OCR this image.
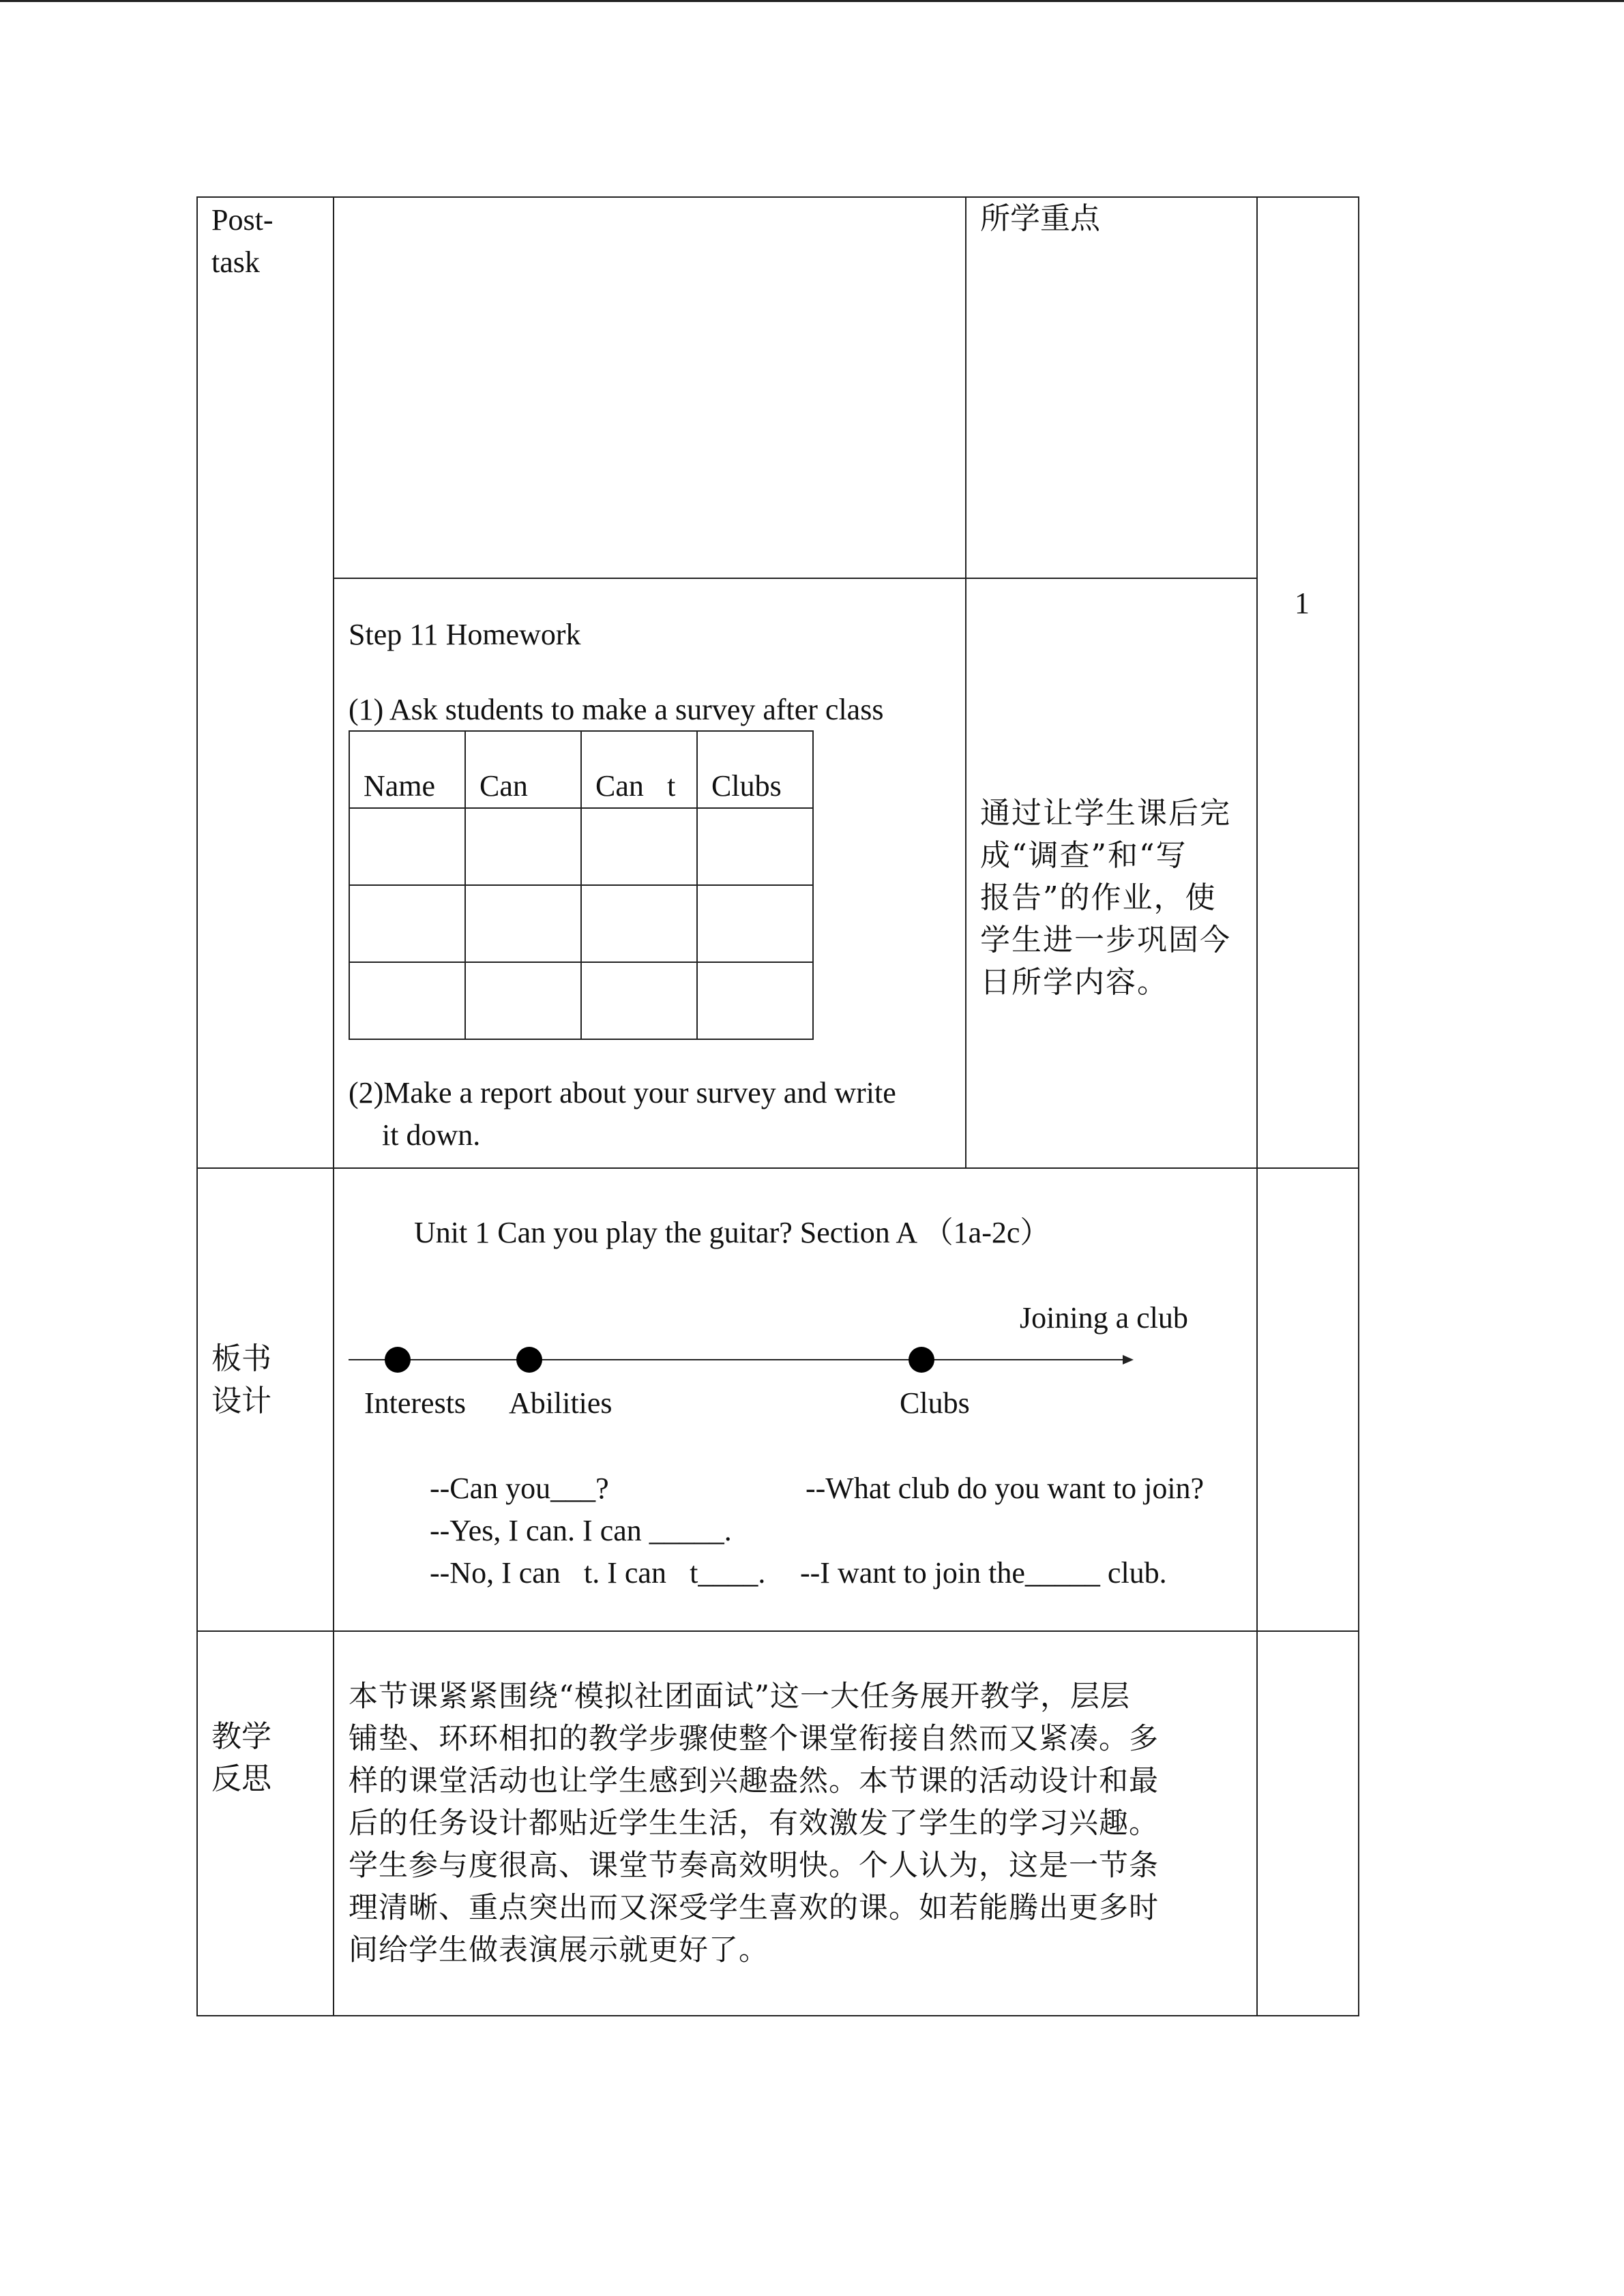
Post-
task
所学重点
1 
Step 11 Homework
(1) Ask students to make a survey after class
Name	Can	Can t	Clubs

(2)Make a report about your survey and write
it down.
通过让学生课后完
成“调查”和“写
报告”的作业，使
学生进一步巩固今
日所学内容。
板书
设计
Unit 1 Can you play the guitar? Section A （1a-2c）
Joining a club
Interests Abilities	Clubs
--Can you___?
--Yes, I can. I can _____.
--No, I can t. I can t____.
--What club do you want to join?
--I want to join the_____ club.
教学
反思
本节课紧紧围绕“模拟社团面试”这一大任务展开教学，层层
铺垫、环环相扣的教学步骤使整个课堂衔接自然而又紧凑。多
样的课堂活动也让学生感到兴趣盎然。本节课的活动设计和最
后的任务设计都贴近学生生活，有效激发了学生的学习兴趣。
学生参与度很高、课堂节奏高效明快。个人认为，这是一节条
理清晰、重点突出而又深受学生喜欢的课。如若能腾出更多时
间给学生做表演展示就更好了。
